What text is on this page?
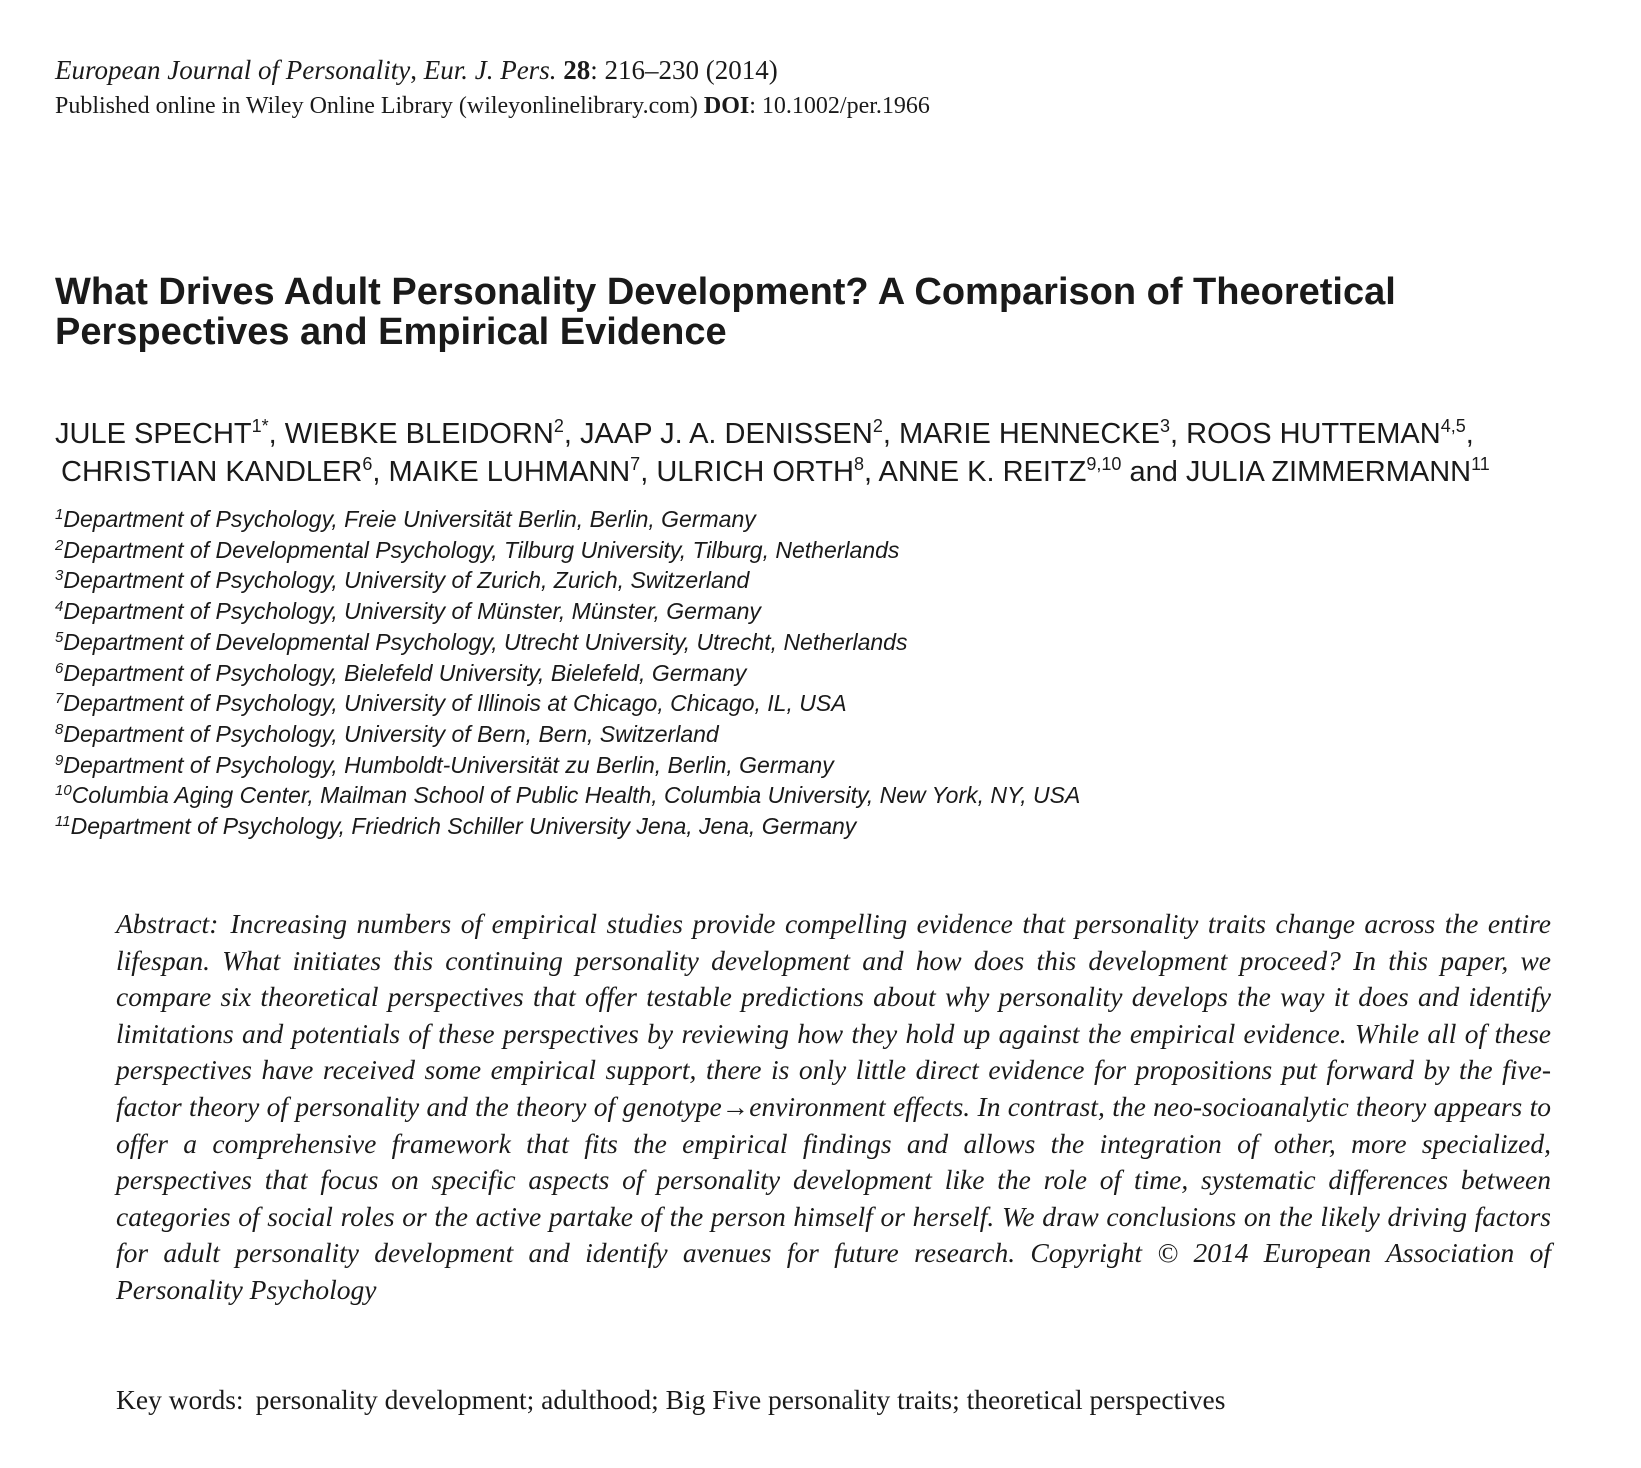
European Journal of Personality, Eur. J. Pers. 28: 216–230 (2014)
Published online in Wiley Online Library (wileyonlinelibrary.com) DOI: 10.1002/per.1966
What Drives Adult Personality Development? A Comparison of Theoretical Perspectives and Empirical Evidence
JULE $SPECHT^{1*}$, WIEBKE BLEIDORN$^2$, JAAP J. A. DENISSEN$^2$, MARIE HENNECKE$^3$, ROOS HUTTEMAN$^{4,5}$,
CHRISTIAN KANDLER$^6$, MAIKE LUHMANN$^7$, ULRICH ORTH$^8$, ANNE K. REITZ$^{9,10}$ and JULIA ZIMMERMANN$^{11}$
$^1$Department of Psychology, Freie Universität Berlin, Berlin, Germany
$^2$Department of Developmental Psychology, Tilburg University, Tilburg, Netherlands
$^3$Department of Psychology, University of Zurich, Zurich, Switzerland
$^4$Department of Psychology, University of Münster, Münster, Germany
$^5$Department of Developmental Psychology, Utrecht University, Utrecht, Netherlands
$^6$Department of Psychology, Bielefeld University, Bielefeld, Germany
$^7$Department of Psychology, University of Illinois at Chicago, Chicago, IL, USA
$^8$Department of Psychology, University of Bern, Bern, Switzerland
$^9$Department of Psychology, Humboldt-Universität zu Berlin, Berlin, Germany
$^{10}$Columbia Aging Center, Mailman School of Public Health, Columbia University, New York, NY, USA
$^{11}$Department of Psychology, Friedrich Schiller University Jena, Jena, Germany

Abstract: Increasing numbers of empirical studies provide compelling evidence that personality traits change across the entire lifespan. What initiates this continuing personality development and how does this development proceed? In this paper, we compare six theoretical perspectives that offer testable predictions about why personality develops the way it does and identify limitations and potentials of these perspectives by reviewing how they hold up against the empirical evidence. While all of these perspectives have received some empirical support, there is only little direct evidence for propositions put forward by the five-factor theory of personality and the theory of genotype→environment effects. In contrast, the neo-socioanalytic theory appears to offer a comprehensive framework that fits the empirical findings and allows the integration of other, more specialized, perspectives that focus on specific aspects of personality development like the role of time, systematic differences between categories of social roles or the active partake of the person himself or herself. We draw conclusions on the likely driving factors for adult personality development and identify avenues for future research. Copyright © 2014 European Association of Personality Psychology

Key words: personality development; adulthood; Big Five personality traits; theoretical perspectives
